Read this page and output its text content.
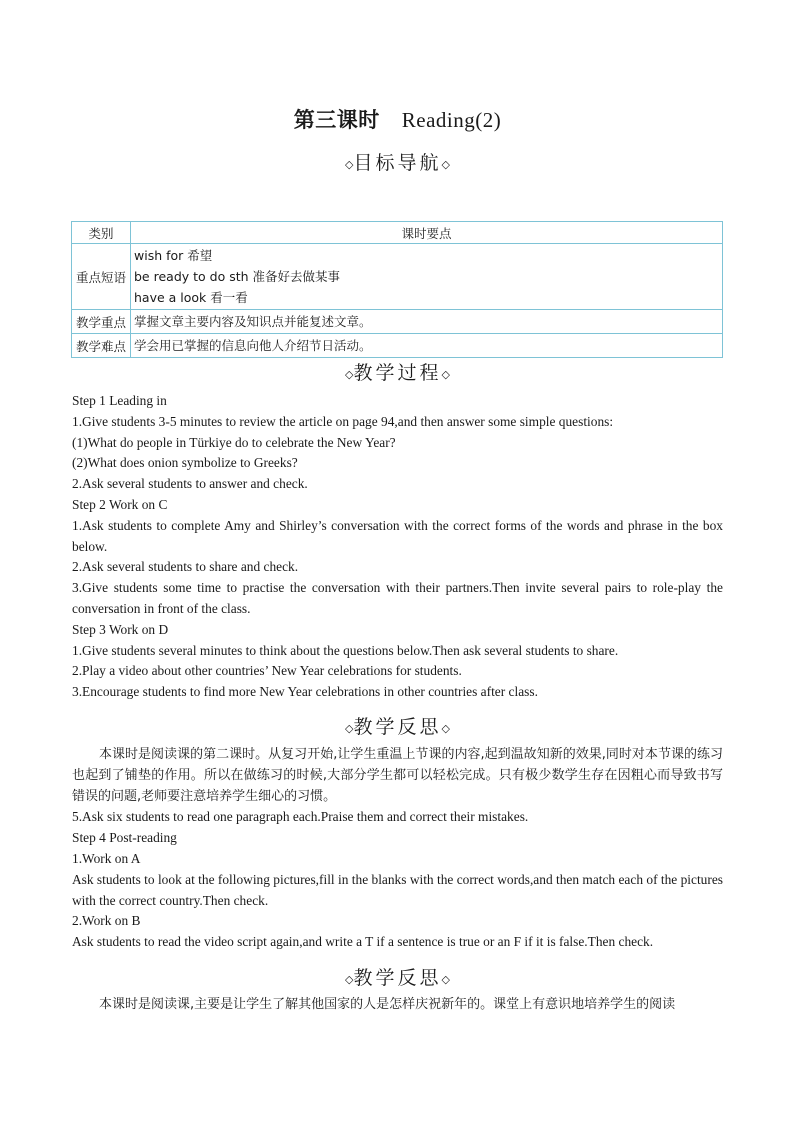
第三课时 Reading(2)
◇目标导航◇
类别	课时要点
重点短语	wish for 希望
be ready to do sth 准备好去做某事
have a look 看一看

教学重点	掌握文章主要内容及知识点并能复述文章。

教学难点	学会用已掌握的信息向他人介绍节日活动。
◇教学过程◇

Step 1 Leading in

1.Give students 3-5 minutes to review the article on page 94,and then answer some simple questions:

(1)What do people in Türkiye do to celebrate the New Year?

(2)What does onion symbolize to Greeks?

2.Ask several students to answer and check.

Step 2 Work on C

1.Ask students to complete Amy and Shirley’s conversation with the correct forms of the words and phrase in the box below.

2.Ask several students to share and check.

3.Give students some time to practise the conversation with their partners.Then invite several pairs to role‐play the conversation in front of the class.

Step 3 Work on D

1.Give students several minutes to think about the questions below.Then ask several students to share.

2.Play a video about other countries’ New Year celebrations for students.

3.Encourage students to find more New Year celebrations in other countries after class.

◇教学反思◇

本课时是阅读课的第二课时。从复习开始,让学生重温上节课的内容,起到温故知新的效果,同时对本节课的练习也起到了铺垫的作用。所以在做练习的时候,大部分学生都可以轻松完成。只有极少数学生存在因粗心而导致书写错误的问题,老师要注意培养学生细心的习惯。

5.Ask six students to read one paragraph each.Praise them and correct their mistakes.

Step 4 Post‐reading

1.Work on A

Ask students to look at the following pictures,fill in the blanks with the correct words,and then match each of the pictures with the correct country.Then check.

2.Work on B

Ask students to read the video script again,and write a T if a sentence is true or an F if it is false.Then check.

◇教学反思◇

本课时是阅读课,主要是让学生了解其他国家的人是怎样庆祝新年的。课堂上有意识地培养学生的阅读
